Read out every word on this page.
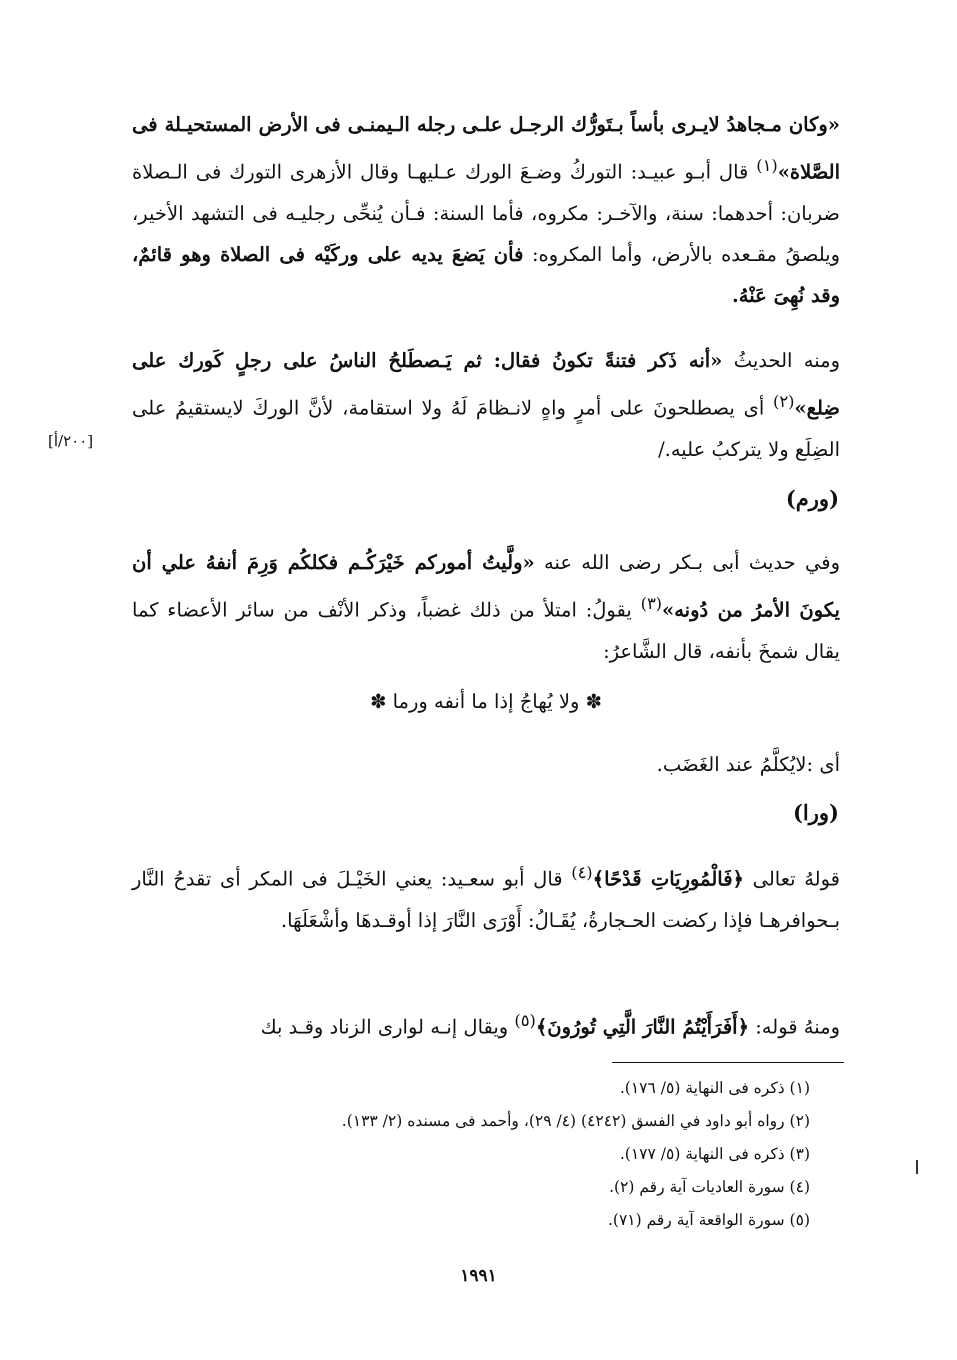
«وكان مـجاهدُ لايـرى بأساً بـتَورُّك الرجـل علـى رجله الـيمنـى فى الأرض المستحيـلة فى الصَّلاة»$^{(١)}$ قال أبـو عبيـد: التوركُ وضـعَ الورك عـليهـا وقال الأزهرى التورك فى الـصلاة ضربان: أحدهما: سنة، والآخـر: مكروه، فأما السنة: فـأن يُنحِّى رجليـه فى التشهد الأخير، ويلصقُ مقـعده بالأرض، وأما المكروه: فأن يَضعَ يديه على وركَيْه فى الصلاة وهو قائمٌ، وقد نُهِىَ عَنْهُ.

ومنه الحديثُ «أنه ذَكر فتنةً تكونُ فقال: ثم يَـصطَلحُ الناسُ على رجلٍ كَورك على ضِلع»$^{(٢)}$ أى يصطلحونَ على أمرٍ واهٍ لانـظامَ لَهُ ولا استقامة، لأنَّ الوركَ لايستقيمُ على الضِلَع ولا يتركبُ عليه./

[٢٠٠/أ]
(ورم)

وفي حديث أبى بـكر رضى الله عنه «ولَّيتُ أموركم خَيْرَكُـم فكلكُم وَرِمَ أنفهُ علي أن يكونَ الأمرُ من دُونه»$^{(٣)}$ يقولُ: امتلأ من ذلك غضباً، وذكر الأنْف من سائر الأعضاء كما يقال شمخَ بأنفه، قال الشَّاعرُ:

✽ ولا يُهاجُ إذا ما أنفه ورما ✽

أى :لايُكلَّمُ عند الغَضَب.

(ورا)

قولهُ تعالى ﴿فَالْمُورِيَاتِ قَدْحًا﴾$^{(٤)}$ قال أبو سعـيد: يعني الخَيْـلَ فى المكر أى تقدحُ النَّار بـحوافرهـا فإذا ركضت الحـجارةُ، يُقَـالُ: أَوْرَى النَّارَ إذا أوقـدهَا وأشْعَلَهَا.

ومنهُ قوله: ﴿أَفَرَأَيْتُمُ النَّارَ الَّتِي تُورُونَ﴾$^{(٥)}$ ويقال إنـه لوارى الزناد وقـد بك

(١) ذكره فى النهاية (٥/ ١٧٦).

(٢) رواه أبو داود في الفسق (٤٢٤٢) (٤/ ٢٩)، وأحمد فى مسنده (٢/ ١٣٣).

(٣) ذكره فى النهاية (٥/ ١٧٧).

(٤) سورة العاديات آية رقم (٢).

(٥) سورة الواقعة آية رقم (٧١).

١٩٩١
